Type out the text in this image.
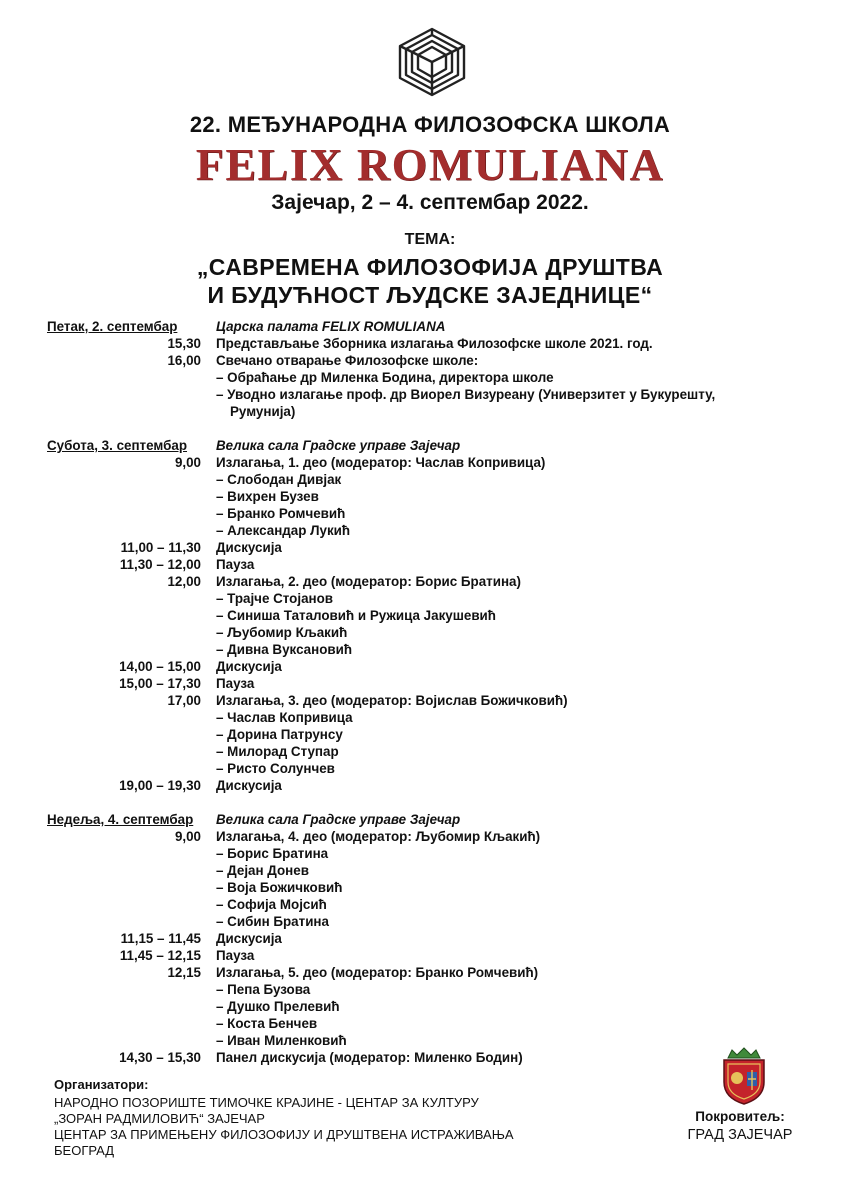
22. МЕЂУНАРОДНА ФИЛОЗОФСКА ШКОЛА
FELIX ROMULIANA
Зајечар, 2 – 4. септембар 2022.
ТЕМА:
„САВРЕМЕНА ФИЛОЗОФИЈА ДРУШТВА
И БУДУЋНОСТ ЉУДСКЕ ЗАЈЕДНИЦЕ“
Петак, 2. септембар	Царска палата FELIX ROMULIANA
15,30 Представљање Зборника излагања Филозофске школе 2021. год.
16,00 Свечано отварање Филозофске школе:
– Обраћање др Миленка Бодина, директора школе
– Уводно излагање проф. др Виорел Визуреану (Универзитет у Букурешту,
Румунија)
Субота, 3. септембар Велика сала Градске управе Зајечар
9,00 Излагања, 1. део (модератор: Часлав Копривица)
– Слободан Дивјак
– Вихрен Бузев
– Бранко Ромчевић
– Александар Лукић
11,00 – 11,30 Дискусија
11,30 – 12,00 Пауза
12,00 Излагања, 2. део (модератор: Борис Братина)
– Трајче Стојанов
– Синиша Таталовић и Ружица Јакушевић
– Љубомир Кљакић
– Дивна Вуксановић
14,00 – 15,00 Дискусија
15,00 – 17,30 Пауза
17,00 Излагања, 3. део (модератор: Војислав Божичковић)
– Часлав Копривица
– Дорина Патрунсу
– Милорад Ступар
– Ристо Солунчев
19,00 – 19,30 Дискусија
Недеља, 4. септембар Велика сала Градске управе Зајечар
9,00 Излагања, 4. део (модератор: Љубомир Кљакић)
– Борис Братина
– Дејан Донев
– Воја Божичковић
– Софија Мојсић
– Сибин Братина
11,15 – 11,45 Дискусија
11,45 – 12,15 Пауза
12,15 Излагања, 5. део (модератор: Бранко Ромчевић)
– Пепа Бузова
– Душко Прелевић
– Коста Бенчев
– Иван Миленковић
14,30 – 15,30 Панел дискусија (модератор: Миленко Бодин)
Организатори:
НАРОДНО ПОЗОРИШТЕ ТИМОЧКЕ КРАЈИНЕ - ЦЕНТАР ЗА КУЛТУРУ
„ЗОРАН РАДМИЛОВИЋ“ ЗАЈЕЧАР
ЦЕНТАР ЗА ПРИМЕЊЕНУ ФИЛОЗОФИЈУ И ДРУШТВЕНА ИСТРАЖИВАЊА
БЕОГРАД
Покровитељ:
ГРАД ЗАЈЕЧАР
